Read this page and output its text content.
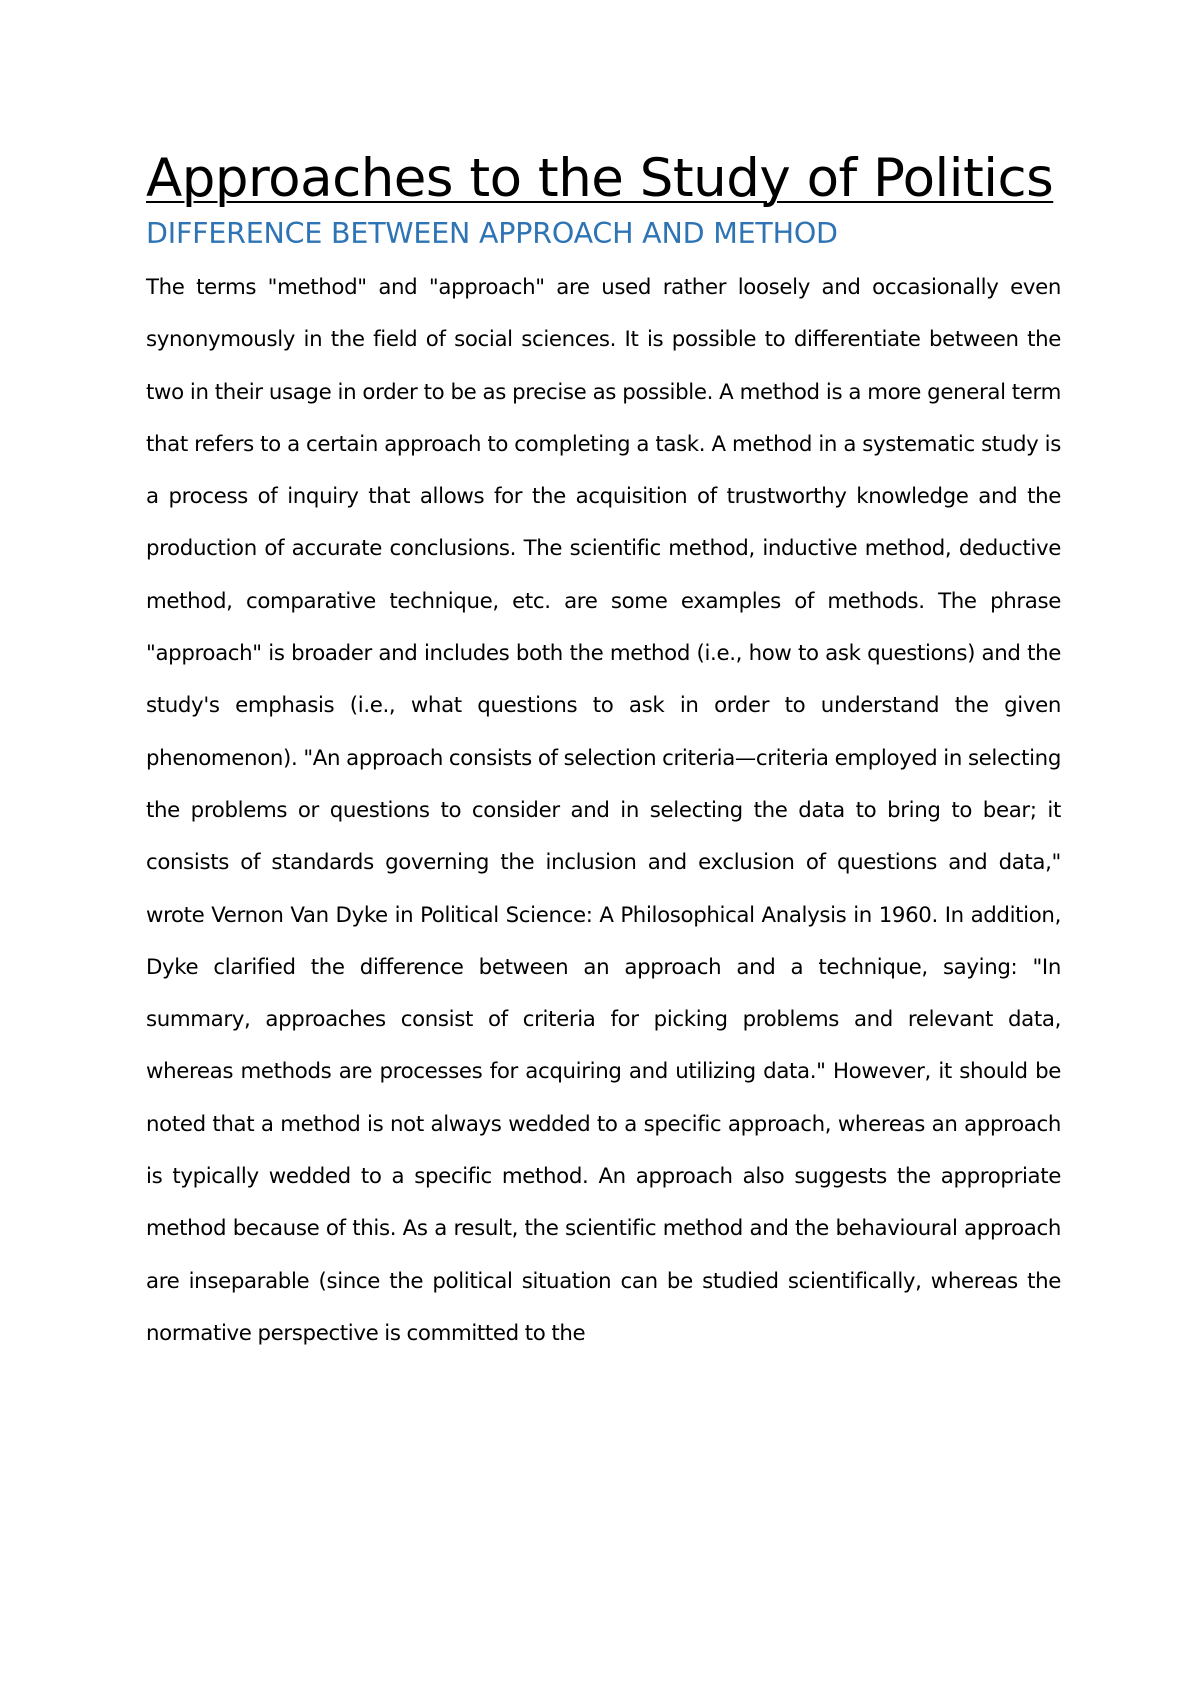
Approaches to the Study of Politics
DIFFERENCE BETWEEN APPROACH AND METHOD

The terms "method" and "approach" are used rather loosely and occasionally even synonymously in the field of social sciences. It is possible to differentiate between the two in their usage in order to be as precise as possible. A method is a more general term that refers to a certain approach to completing a task. A method in a systematic study is a process of inquiry that allows for the acquisition of trustworthy knowledge and the production of accurate conclusions. The scientific method, inductive method, deductive method, comparative technique, etc. are some examples of methods. The phrase "approach" is broader and includes both the method (i.e., how to ask questions) and the study's emphasis (i.e., what questions to ask in order to understand the given phenomenon). "An approach consists of selection criteria—criteria employed in selecting the problems or questions to consider and in selecting the data to bring to bear; it consists of standards governing the inclusion and exclusion of questions and data," wrote Vernon Van Dyke in Political Science: A Philosophical Analysis in 1960. In addition, Dyke clarified the difference between an approach and a technique, saying: "In summary, approaches consist of criteria for picking problems and relevant data, whereas methods are processes for acquiring and utilizing data." However, it should be noted that a method is not always wedded to a specific approach, whereas an approach is typically wedded to a specific method. An approach also suggests the appropriate method because of this. As a result, the scientific method and the behavioural approach are inseparable (since the political situation can be studied scientifically, whereas the normative perspective is committed to the
